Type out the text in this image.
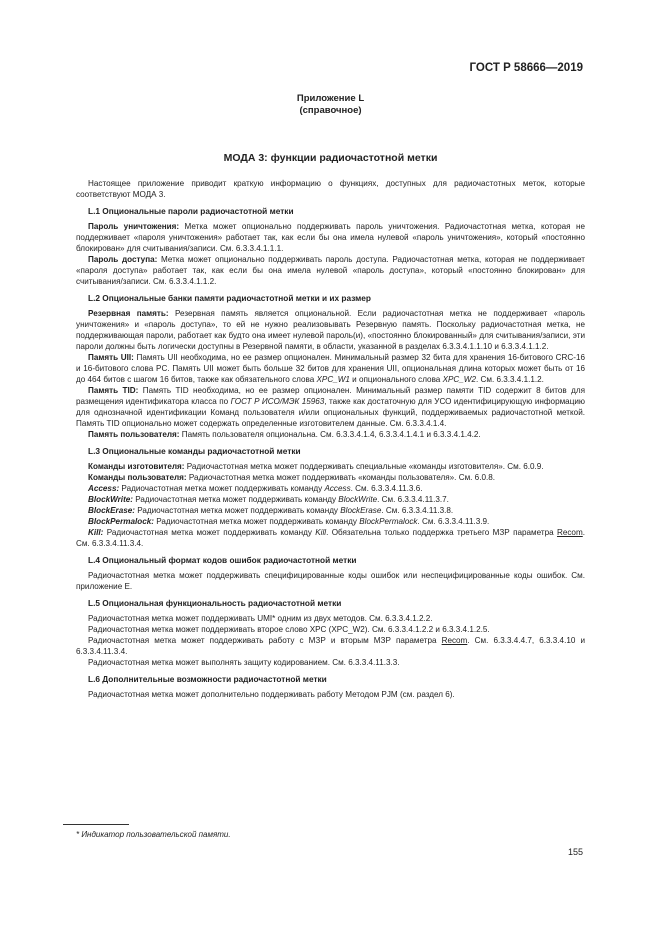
ГОСТ Р 58666—2019
Приложение L
(справочное)
МОДА 3: функции радиочастотной метки

Настоящее приложение приводит краткую информацию о функциях, доступных для радиочастотных меток, которые соответствуют МОДА 3.

L.1 Опциональные пароли радиочастотной метки

Пароль уничтожения: Метка может опционально поддерживать пароль уничтожения. Радиочастотная метка, которая не поддерживает «пароля уничтожения» работает так, как если бы она имела нулевой «пароль уничтожения», который «постоянно блокирован» для считывания/записи. См. 6.3.3.4.1.1.1.

Пароль доступа: Метка может опционально поддерживать пароль доступа. Радиочастотная метка, которая не поддерживает «пароля доступа» работает так, как если бы она имела нулевой «пароль доступа», который «постоянно блокирован» для считывания/записи. См. 6.3.3.4.1.1.2.

L.2 Опциональные банки памяти радиочастотной метки и их размер

Резервная память: Резервная память является опциональной. Если радиочастотная метка не поддерживает «пароль уничтожения» и «пароль доступа», то ей не нужно реализовывать Резервную память. Поскольку радиочастотная метка, не поддерживающая пароли, работает как будто она имеет нулевой пароль(и), «постоянно блокированный» для считывания/записи, эти пароли должны быть логически доступны в Резервной памяти, в области, указанной в разделах 6.3.3.4.1.1.10 и 6.3.3.4.1.1.2.

Память UII: Память UII необходима, но ее размер опционален. Минимальный размер 32 бита для хранения 16-битового CRC-16 и 16-битового слова PC. Память UII может быть больше 32 битов для хранения UII, опциональная длина которых может быть от 16 до 464 битов с шагом 16 битов, также как обязательного слова XPC_W1 и опционального слова XPC_W2. См. 6.3.3.4.1.1.2.

Память TID: Память TID необходима, но ее размер опционален. Минимальный размер памяти TID содержит 8 битов для размещения идентификатора класса по ГОСТ Р ИСО/МЭК 15963, также как достаточную для УСО идентифицирующую информацию для однозначной идентификации Команд пользователя и/или опциональных функций, поддерживаемых радиочастотной меткой. Память TID опционально может содержать определенные изготовителем данные. См. 6.3.3.4.1.4.

Память пользователя: Память пользователя опциональна. См. 6.3.3.4.1.4, 6.3.3.4.1.4.1 и 6.3.3.4.1.4.2.

L.3 Опциональные команды радиочастотной метки

Команды изготовителя: Радиочастотная метка может поддерживать специальные «команды изготовителя». См. 6.0.9.

Команды пользователя: Радиочастотная метка может поддерживать «команды пользователя». См. 6.0.8.

Access: Радиочастотная метка может поддерживать команду Access. См. 6.3.3.4.11.3.6.

BlockWrite: Радиочастотная метка может поддерживать команду BlockWrite. См. 6.3.3.4.11.3.7.

BlockErase: Радиочастотная метка может поддерживать команду BlockErase. См. 6.3.3.4.11.3.8.

BlockPermalock: Радиочастотная метка может поддерживать команду BlockPermalock. См. 6.3.3.4.11.3.9.

Kill: Радиочастотная метка может поддерживать команду Kill. Обязательна только поддержка третьего МЗР параметра Recom. См. 6.3.3.4.11.3.4.

L.4 Опциональный формат кодов ошибок радиочастотной метки

Радиочастотная метка может поддерживать специфицированные коды ошибок или неспецифицированные коды ошибок. См. приложение Е.

L.5 Опциональная функциональность радиочастотной метки

Радиочастотная метка может поддерживать UMI* одним из двух методов. См. 6.3.3.4.1.2.2.

Радиочастотная метка может поддерживать второе слово XPC (XPC_W2). См. 6.3.3.4.1.2.2 и 6.3.3.4.1.2.5.

Радиочастотная метка может поддерживать работу с МЗР и вторым МЗР параметра Recom. См. 6.3.3.4.4.7, 6.3.3.4.10 и 6.3.3.4.11.3.4.

Радиочастотная метка может выполнять защиту кодированием. См. 6.3.3.4.11.3.3.

L.6 Дополнительные возможности радиочастотной метки

Радиочастотная метка может дополнительно поддерживать работу Методом PJM (см. раздел 6).

* Индикатор пользовательской памяти.
155
